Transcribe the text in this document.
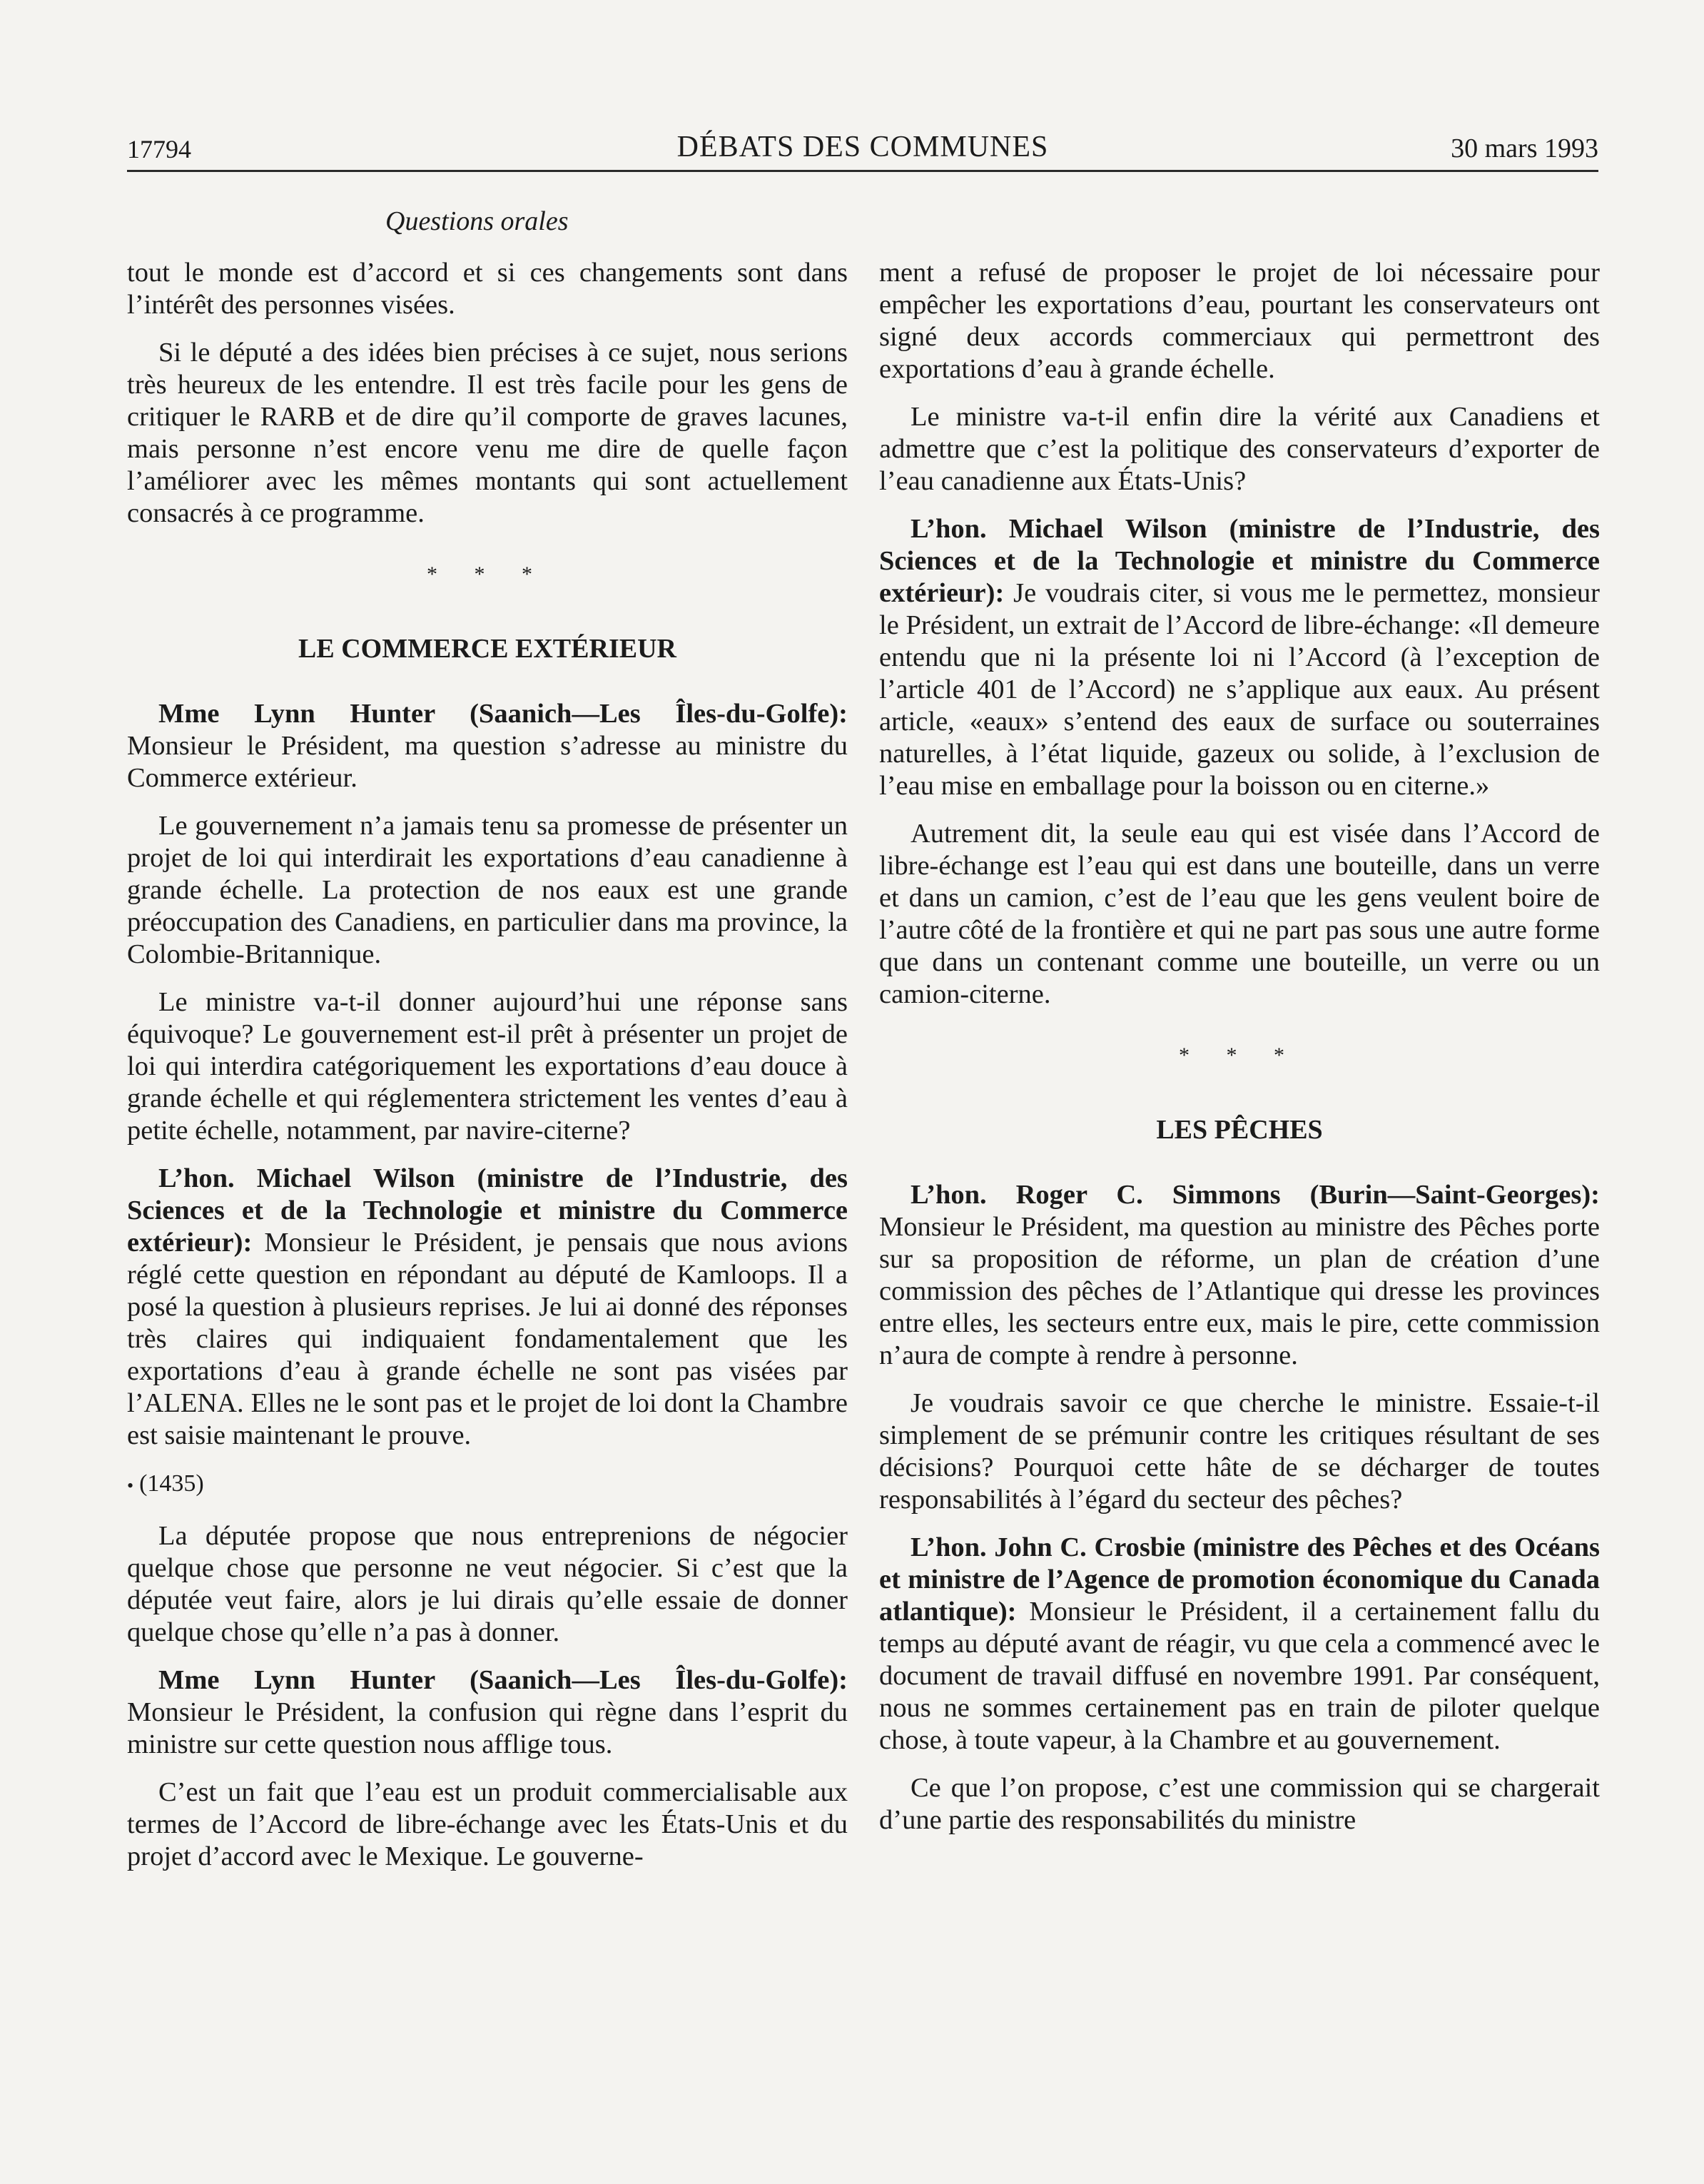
17794	DÉBATS DES COMMUNES	30 mars 1993
Questions orales

tout le monde est d’accord et si ces changements sont dans l’intérêt des personnes visées.

Si le député a des idées bien précises à ce sujet, nous serions très heureux de les entendre. Il est très facile pour les gens de critiquer le RARB et de dire qu’il comporte de graves lacunes, mais personne n’est encore venu me dire de quelle façon l’améliorer avec les mêmes montants qui sont actuellement consacrés à ce programme.

* * *
LE COMMERCE EXTÉRIEUR

Mme Lynn Hunter (Saanich—Les Îles-du-Golfe): Monsieur le Président, ma question s’adresse au ministre du Commerce extérieur.

Le gouvernement n’a jamais tenu sa promesse de présenter un projet de loi qui interdirait les exportations d’eau canadienne à grande échelle. La protection de nos eaux est une grande préoccupation des Canadiens, en particulier dans ma province, la Colombie-Britannique.

Le ministre va-t-il donner aujourd’hui une réponse sans équivoque? Le gouvernement est-il prêt à présenter un projet de loi qui interdira catégoriquement les exportations d’eau douce à grande échelle et qui réglementera strictement les ventes d’eau à petite échelle, notamment, par navire-citerne?

L’hon. Michael Wilson (ministre de l’Industrie, des Sciences et de la Technologie et ministre du Commerce extérieur): Monsieur le Président, je pensais que nous avions réglé cette question en répondant au député de Kamloops. Il a posé la question à plusieurs reprises. Je lui ai donné des réponses très claires qui indiquaient fondamentalement que les exportations d’eau à grande échelle ne sont pas visées par l’ALENA. Elles ne le sont pas et le projet de loi dont la Chambre est saisie maintenant le prouve.

• (1435)

La députée propose que nous entreprenions de négocier quelque chose que personne ne veut négocier. Si c’est que la députée veut faire, alors je lui dirais qu’elle essaie de donner quelque chose qu’elle n’a pas à donner.

Mme Lynn Hunter (Saanich—Les Îles-du-Golfe): Monsieur le Président, la confusion qui règne dans l’esprit du ministre sur cette question nous afflige tous.

C’est un fait que l’eau est un produit commercialisable aux termes de l’Accord de libre-échange avec les États-Unis et du projet d’accord avec le Mexique. Le gouverne-

ment a refusé de proposer le projet de loi nécessaire pour empêcher les exportations d’eau, pourtant les conservateurs ont signé deux accords commerciaux qui permettront des exportations d’eau à grande échelle.

Le ministre va-t-il enfin dire la vérité aux Canadiens et admettre que c’est la politique des conservateurs d’exporter de l’eau canadienne aux États-Unis?

L’hon. Michael Wilson (ministre de l’Industrie, des Sciences et de la Technologie et ministre du Commerce extérieur): Je voudrais citer, si vous me le permettez, monsieur le Président, un extrait de l’Accord de libre-échange: «Il demeure entendu que ni la présente loi ni l’Accord (à l’exception de l’article 401 de l’Accord) ne s’applique aux eaux. Au présent article, «eaux» s’entend des eaux de surface ou souterraines naturelles, à l’état liquide, gazeux ou solide, à l’exclusion de l’eau mise en emballage pour la boisson ou en citerne.»

Autrement dit, la seule eau qui est visée dans l’Accord de libre-échange est l’eau qui est dans une bouteille, dans un verre et dans un camion, c’est de l’eau que les gens veulent boire de l’autre côté de la frontière et qui ne part pas sous une autre forme que dans un contenant comme une bouteille, un verre ou un camion-citerne.

* * *
LES PÊCHES

L’hon. Roger C. Simmons (Burin—Saint-Georges): Monsieur le Président, ma question au ministre des Pêches porte sur sa proposition de réforme, un plan de création d’une commission des pêches de l’Atlantique qui dresse les provinces entre elles, les secteurs entre eux, mais le pire, cette commission n’aura de compte à rendre à personne.

Je voudrais savoir ce que cherche le ministre. Essaie-t-il simplement de se prémunir contre les critiques résultant de ses décisions? Pourquoi cette hâte de se décharger de toutes responsabilités à l’égard du secteur des pêches?

L’hon. John C. Crosbie (ministre des Pêches et des Océans et ministre de l’Agence de promotion économique du Canada atlantique): Monsieur le Président, il a certainement fallu du temps au député avant de réagir, vu que cela a commencé avec le document de travail diffusé en novembre 1991. Par conséquent, nous ne sommes certainement pas en train de piloter quelque chose, à toute vapeur, à la Chambre et au gouvernement.

Ce que l’on propose, c’est une commission qui se chargerait d’une partie des responsabilités du ministre
